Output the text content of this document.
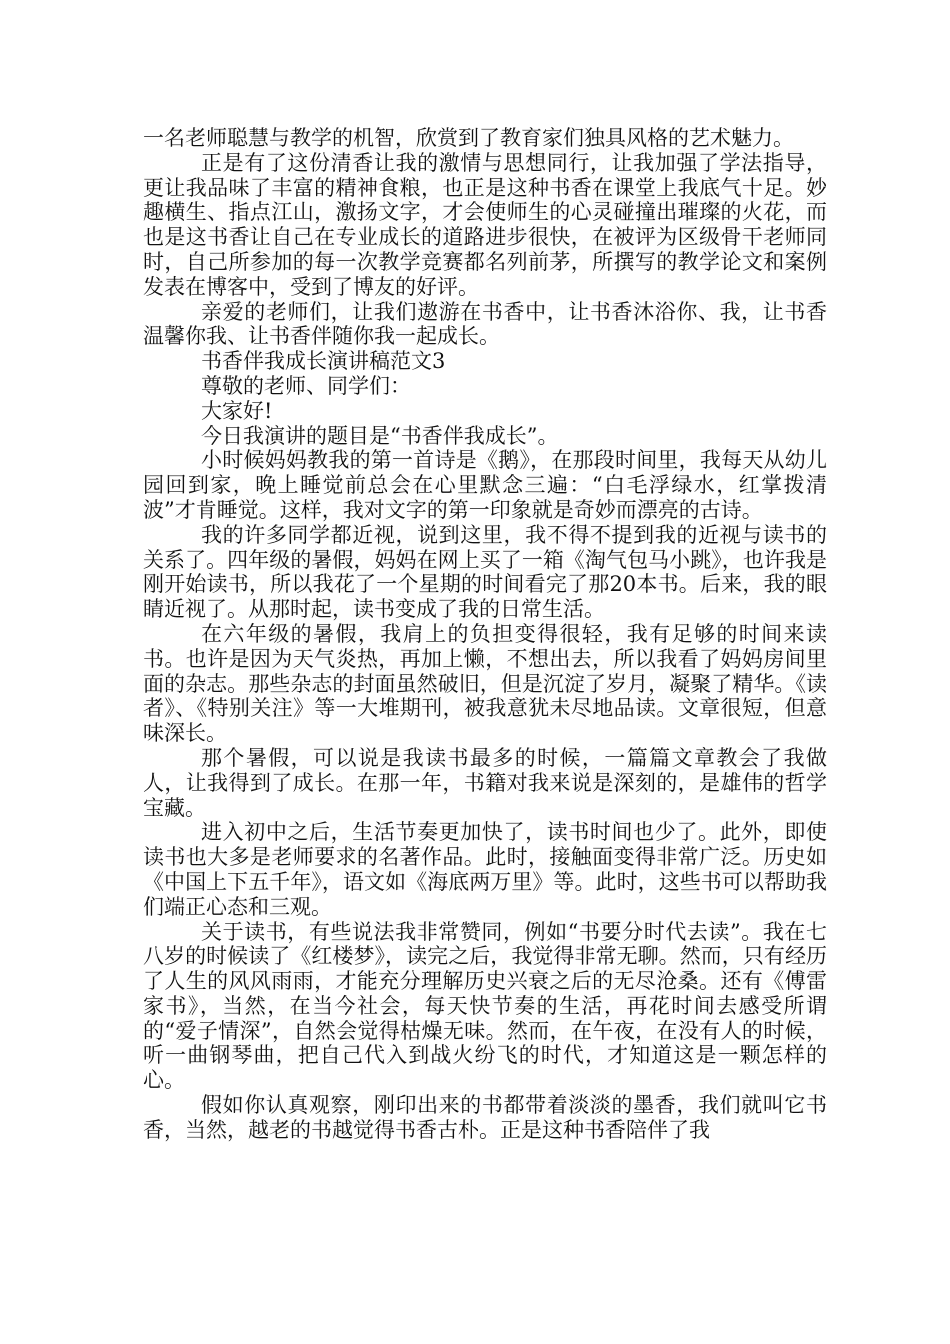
一名老师聪慧与教学的机智，欣赏到了教育家们独具风格的艺术魅力。

正是有了这份清香让我的激情与思想同行，让我加强了学法指导，更让我品味了丰富的精神食粮，也正是这种书香在课堂上我底气十足。妙趣横生、指点江山，激扬文字，才会使师生的心灵碰撞出璀璨的火花，而也是这书香让自己在专业成长的道路进步很快，在被评为区级骨干老师同时，自己所参加的每一次教学竞赛都名列前茅，所撰写的教学论文和案例发表在博客中，受到了博友的好评。

亲爱的老师们，让我们遨游在书香中，让书香沐浴你、我，让书香温馨你我、让书香伴随你我一起成长。

书香伴我成长演讲稿范文3

尊敬的老师、同学们：

大家好!

今日我演讲的题目是“书香伴我成长”。

小时候妈妈教我的第一首诗是《鹅》，在那段时间里，我每天从幼儿园回到家，晚上睡觉前总会在心里默念三遍：“白毛浮绿水，红掌拨清波”才肯睡觉。这样，我对文字的第一印象就是奇妙而漂亮的古诗。

我的许多同学都近视，说到这里，我不得不提到我的近视与读书的关系了。四年级的暑假，妈妈在网上买了一箱《淘气包马小跳》，也许我是刚开始读书，所以我花了一个星期的时间看完了那20本书。后来，我的眼睛近视了。从那时起，读书变成了我的日常生活。

在六年级的暑假，我肩上的负担变得很轻，我有足够的时间来读书。也许是因为天气炎热，再加上懒，不想出去，所以我看了妈妈房间里面的杂志。那些杂志的封面虽然破旧，但是沉淀了岁月，凝聚了精华。《读者》、《特别关注》等一大堆期刊，被我意犹未尽地品读。文章很短，但意味深长。

那个暑假，可以说是我读书最多的时候，一篇篇文章教会了我做人，让我得到了成长。在那一年，书籍对我来说是深刻的，是雄伟的哲学宝藏。

进入初中之后，生活节奏更加快了，读书时间也少了。此外，即使读书也大多是老师要求的名著作品。此时，接触面变得非常广泛。历史如《中国上下五千年》，语文如《海底两万里》等。此时，这些书可以帮助我们端正心态和三观。

关于读书，有些说法我非常赞同，例如“书要分时代去读”。我在七八岁的时候读了《红楼梦》，读完之后，我觉得非常无聊。然而，只有经历了人生的风风雨雨，才能充分理解历史兴衰之后的无尽沧桑。还有《傅雷家书》，当然，在当今社会，每天快节奏的生活，再花时间去感受所谓的“爱子情深”，自然会觉得枯燥无味。然而，在午夜，在没有人的时候，听一曲钢琴曲，把自己代入到战火纷飞的时代，才知道这是一颗怎样的心。

假如你认真观察，刚印出来的书都带着淡淡的墨香，我们就叫它书香，当然，越老的书越觉得书香古朴。正是这种书香陪伴了我
